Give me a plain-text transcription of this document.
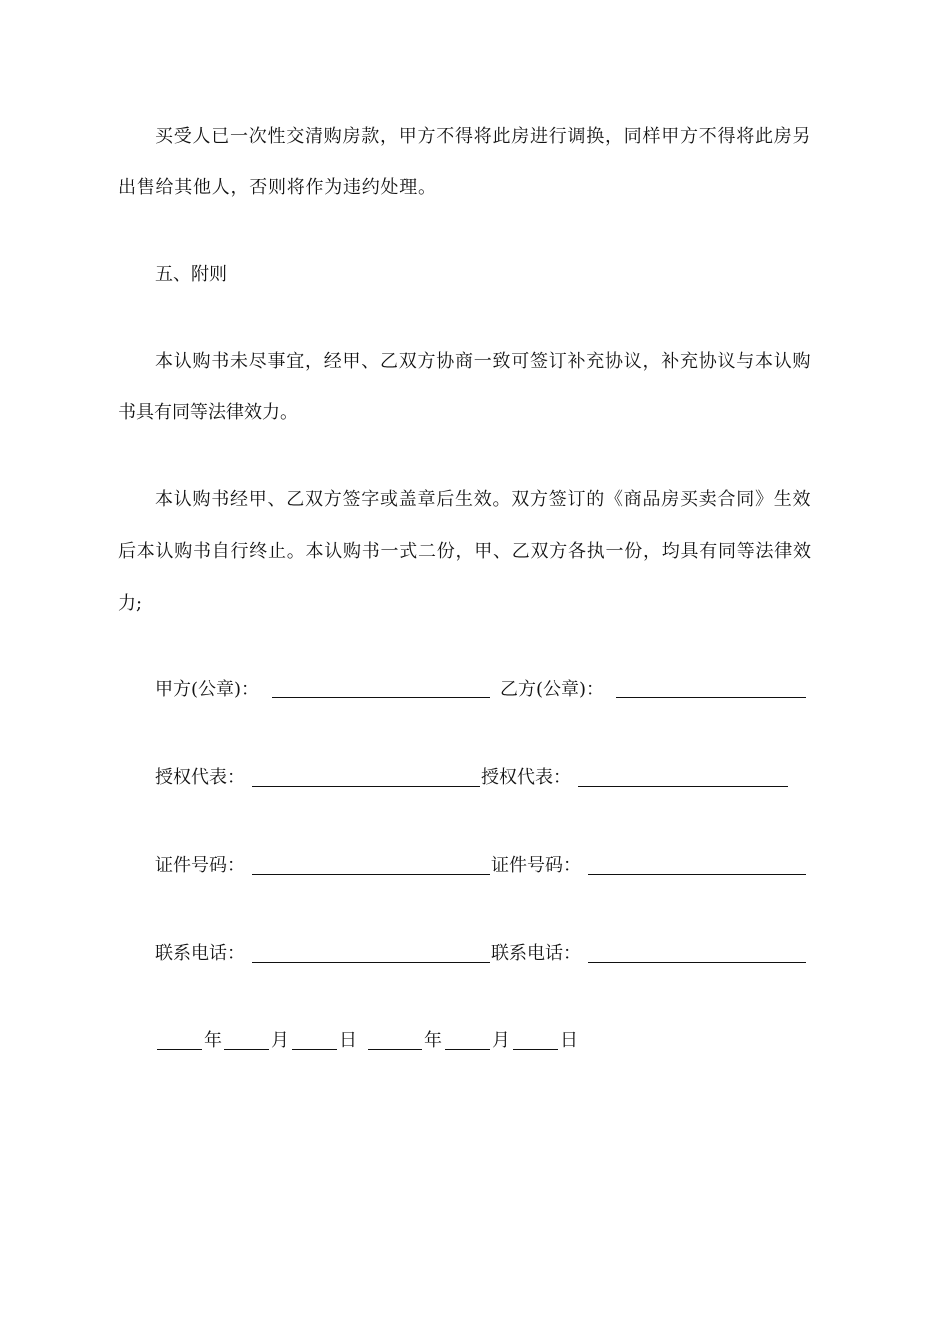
买受人已一次性交清购房款，甲方不得将此房进行调换，同样甲方不得将此房另
出售给其他人，否则将作为违约处理。
五、附则
本认购书未尽事宜，经甲、乙双方协商一致可签订补充协议，补充协议与本认购
书具有同等法律效力。
本认购书经甲、乙双方签字或盖章后生效。双方签订的《商品房买卖合同》生效
后本认购书自行终止。本认购书一式二份，甲、乙双方各执一份，均具有同等法律效
力;
甲方(公章)：	乙方(公章)：
授权代表：	授权代表：
证件号码：	证件号码：
联系电话：	联系电话：
年	月	日	年	月	日
